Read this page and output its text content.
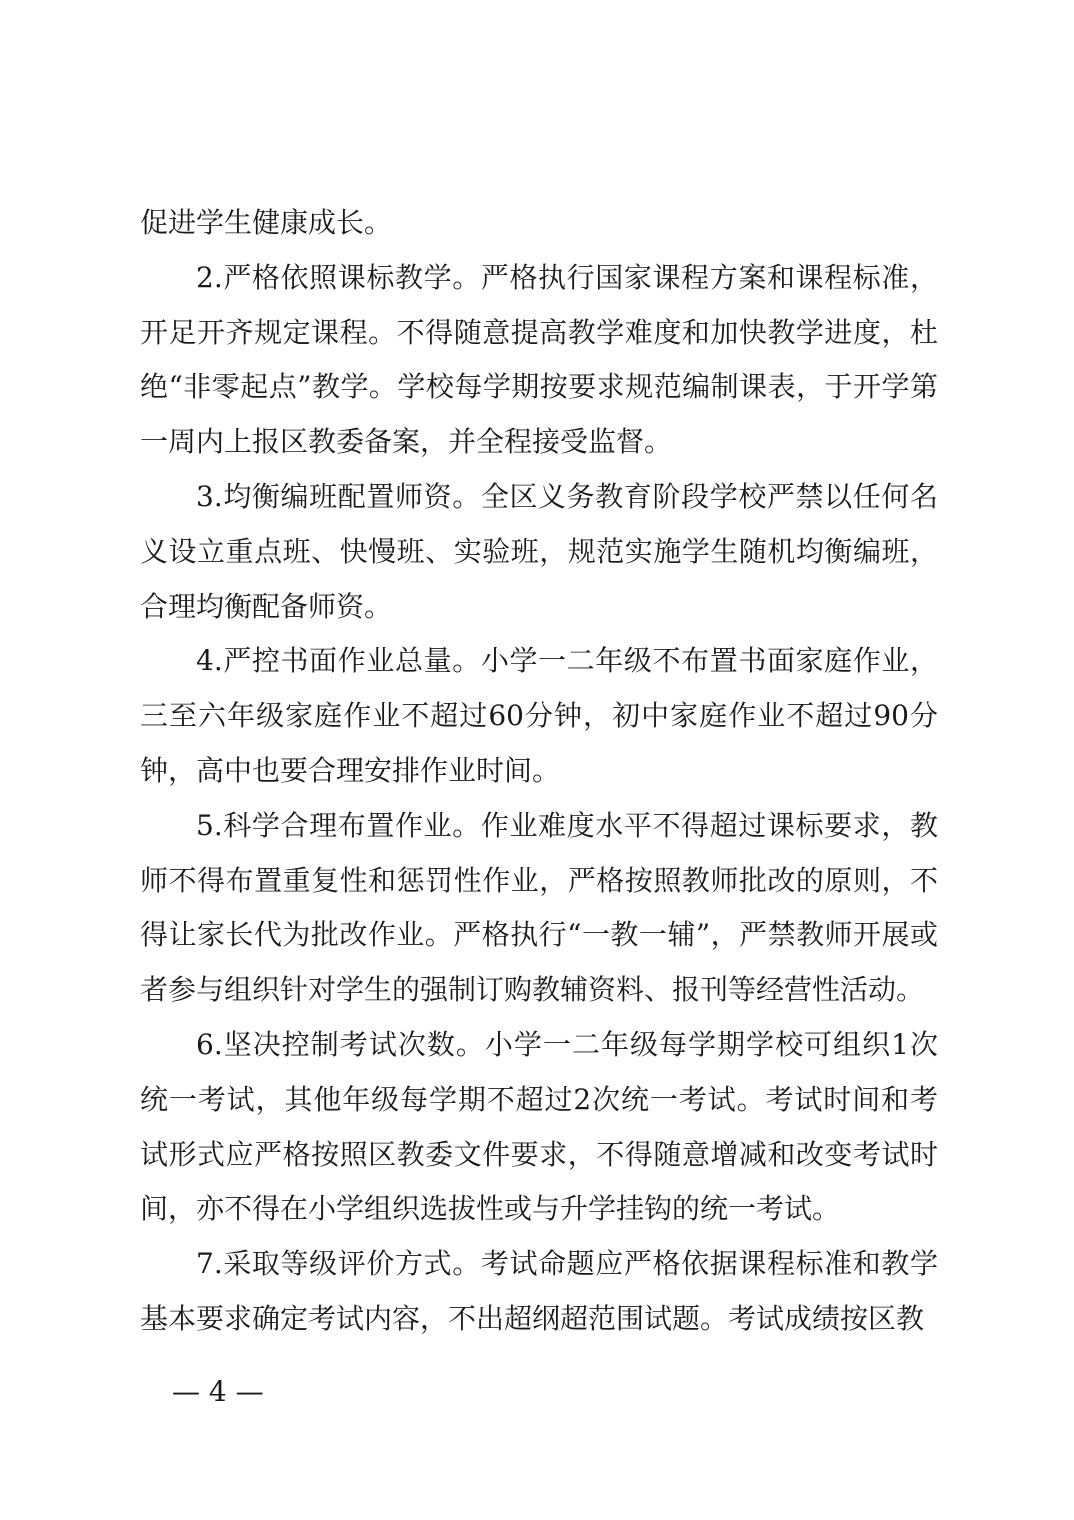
促进学生健康成长。

2.严格依照课标教学。严格执行国家课程方案和课程标准，开足开齐规定课程。不得随意提高教学难度和加快教学进度，杜绝“非零起点”教学。学校每学期按要求规范编制课表，于开学第一周内上报区教委备案，并全程接受监督。

3.均衡编班配置师资。全区义务教育阶段学校严禁以任何名义设立重点班、快慢班、实验班，规范实施学生随机均衡编班，合理均衡配备师资。

4.严控书面作业总量。小学一二年级不布置书面家庭作业，三至六年级家庭作业不超过60分钟，初中家庭作业不超过90分钟，高中也要合理安排作业时间。

5.科学合理布置作业。作业难度水平不得超过课标要求，教师不得布置重复性和惩罚性作业，严格按照教师批改的原则，不得让家长代为批改作业。严格执行“一教一辅”，严禁教师开展或者参与组织针对学生的强制订购教辅资料、报刊等经营性活动。

6.坚决控制考试次数。小学一二年级每学期学校可组织1次统一考试，其他年级每学期不超过2次统一考试。考试时间和考试形式应严格按照区教委文件要求，不得随意增减和改变考试时间，亦不得在小学组织选拔性或与升学挂钩的统一考试。

7.采取等级评价方式。考试命题应严格依据课程标准和教学基本要求确定考试内容，不出超纲超范围试题。考试成绩按区教

— 4 —
